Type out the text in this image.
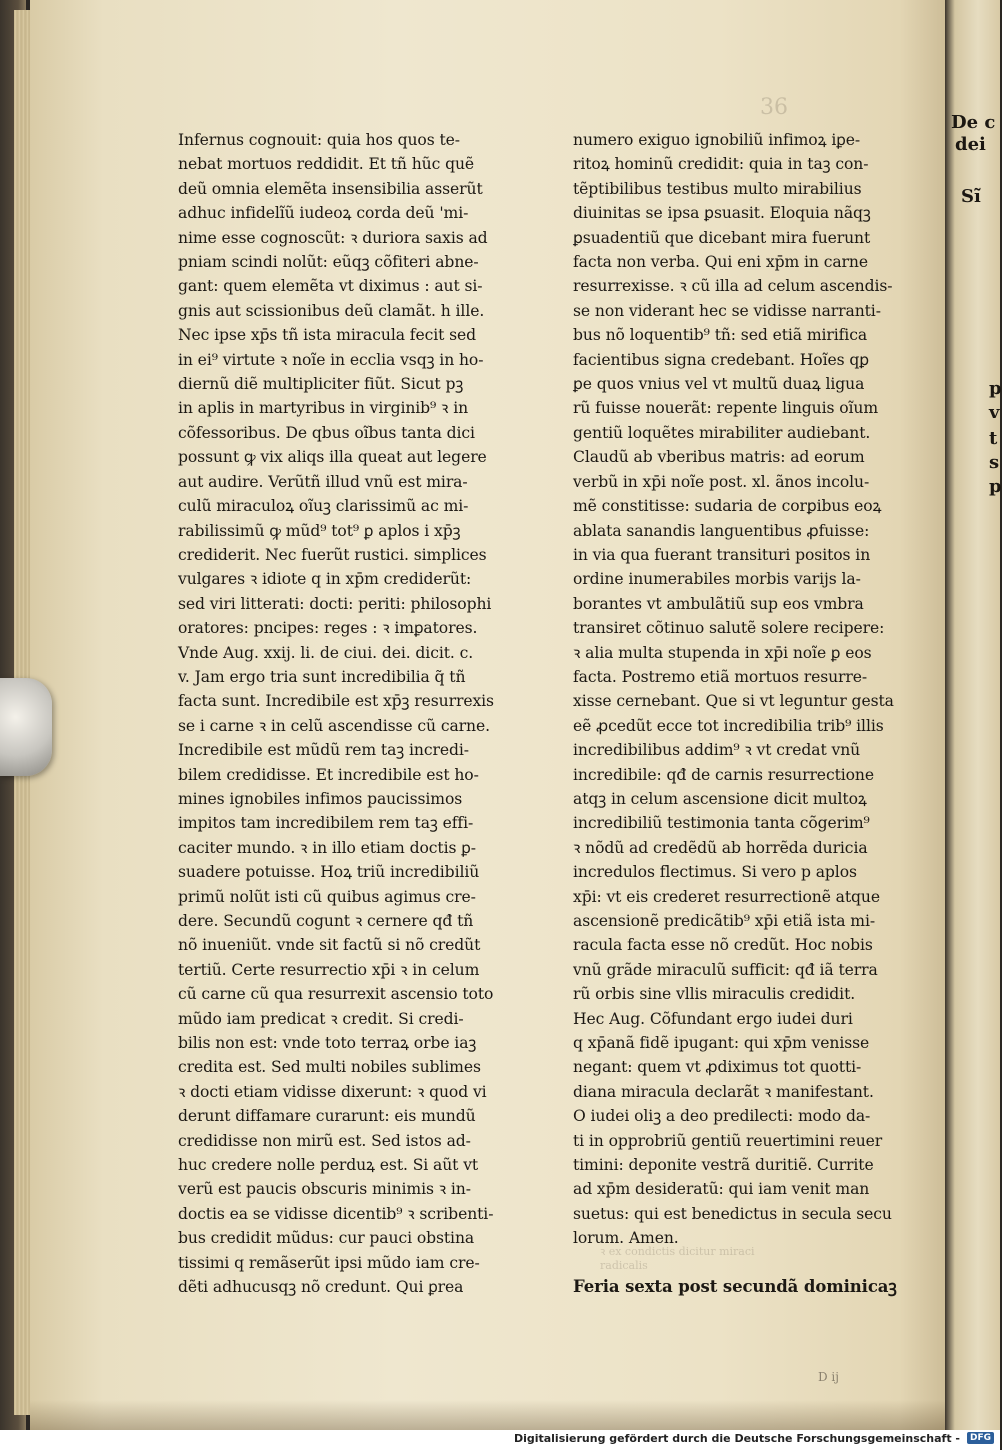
De c
dei
Sĩ
p
v
t
s
p
36
ꝛ ex condictis dicitur miraci
radicalis
Infernus cognouit: quia hos quos te-
nebat mortuos reddidit. Et tñ hũc quẽ
deũ omnia elemẽta insensibilia asserũt
adhuc infidelĩũ iudeoꝝ corda deũ 'mi-
nime esse cognoscũt: ꝛ duriora saxis ad
pniam scindi nolũt: eũqꝫ cõfiteri abne-
gant: quem elemẽta vt diximus : aut si-
gnis aut scissionibus deũ clamãt. h ille.
Nec ipse xp̄s tñ ista miracula fecit sed
in ei⁹ virtute ꝛ noĩe in ecclia vsqꝫ in ho-
diernũ diẽ multipliciter fiũt. Sicut pꝫ
in aplis in martyribus in virginib⁹ ꝛ in
cõfessoribus. De qbus oĩbus tanta dici
possunt ꝙ vix aliqs illa queat aut legere
aut audire. Verũtñ illud vnũ est mira-
culũ miraculoꝝ oĩuꝫ clarissimũ ac mi-
rabilissimũ ꝙ mũd⁹ tot⁹ ꝑ aplos i xp̄ꝫ
crediderit. Nec fuerũt rustici. simplices
vulgares ꝛ idiote q in xp̄m crediderũt:
sed viri litterati: docti: periti: philosophi
oratores: pncipes: reges : ꝛ imꝑatores.
Vnde Aug. xxij. li. de ciui. dei. dicit. c.
v. Jam ergo tria sunt incredibilia q̃ tñ
facta sunt. Incredibile est xp̄ꝫ resurrexis
se i carne ꝛ in celũ ascendisse cũ carne.
Incredibile est mũdũ rem taꝫ incredi-
bilem credidisse. Et incredibile est ho-
mines ignobiles infimos paucissimos
impitos tam incredibilem rem taꝫ effi-
caciter mundo. ꝛ in illo etiam doctis ꝑ-
suadere potuisse. Hoꝝ triũ incredibiliũ
primũ nolũt isti cũ quibus agimus cre-
dere. Secundũ cogunt ꝛ cernere qđ tñ
nõ inueniũt. vnde sit factũ si nõ credũt
tertiũ. Certe resurrectio xp̄i ꝛ in celum
cũ carne cũ qua resurrexit ascensio toto
mũdo iam predicat ꝛ credit. Si credi-
bilis non est: vnde toto terraꝝ orbe iaꝫ
credita est. Sed multi nobiles sublimes
ꝛ docti etiam vidisse dixerunt: ꝛ quod vi
derunt diffamare curarunt: eis mundũ
credidisse non mirũ est. Sed istos ad-
huc credere nolle perduꝝ est. Si aũt vt
verũ est paucis obscuris minimis ꝛ in-
doctis ea se vidisse dicentib⁹ ꝛ scribenti-
bus credidit mũdus: cur pauci obstina
tissimi q remãserũt ipsi mũdo iam cre-
dẽti adhucusqꝫ nõ credunt. Qui ꝑrea
numero exiguo ignobiliũ infimoꝝ iꝑe-
ritoꝝ hominũ credidit: quia in taꝫ con-
tẽptibilibus testibus multo mirabilius
diuinitas se ipsa ꝑsuasit. Eloquia nãqꝫ
ꝑsuadentiũ que dicebant mira fuerunt
facta non verba. Qui eni xp̄m in carne
resurrexisse. ꝛ cũ illa ad celum ascendis-
se non viderant hec se vidisse narranti-
bus nõ loquentib⁹ tñ: sed etiã mirifica
facientibus signa credebant. Hoĩes qꝑ
ꝑe quos vnius vel vt multũ duaꝝ ligua
rũ fuisse nouerãt: repente linguis oĩum
gentiũ loquẽtes mirabiliter audiebant.
Claudũ ab vberibus matris: ad eorum
verbũ in xp̄i noĩe post. xl. ãnos incolu-
mẽ constitisse: sudaria de corꝑibus eoꝝ
ablata sanandis languentibus ꝓfuisse:
in via qua fuerant transituri positos in
ordine inumerabiles morbis varijs la-
borantes vt ambulãtiũ sup eos vmbra
transiret cõtinuo salutẽ solere recipere:
ꝛ alia multa stupenda in xp̄i noĩe ꝑ eos
facta. Postremo etiã mortuos resurre-
xisse cernebant. Que si vt leguntur gesta
eẽ ꝓcedũt ecce tot incredibilia trib⁹ illis
incredibilibus addim⁹ ꝛ vt credat vnũ
incredibile: qđ de carnis resurrectione
atqꝫ in celum ascensione dicit multoꝝ
incredibiliũ testimonia tanta cõgerim⁹
ꝛ nõdũ ad credẽdũ ab horrẽda duricia
incredulos flectimus. Si vero p aplos
xp̄i: vt eis crederet resurrectionẽ atque
ascensionẽ predicãtib⁹ xp̄i etiã ista mi-
racula facta esse nõ credũt. Hoc nobis
vnũ grãde miraculũ sufficit: qđ iã terra
rũ orbis sine vllis miraculis credidit.
Hec Aug. Cõfundant ergo iudei duri
q xp̄anã fidẽ ipugant: qui xp̄m venisse
negant: quem vt ꝓdiximus tot quotti-
diana miracula declarãt ꝛ manifestant.
O iudei oliꝫ a deo predilecti: modo da-
ti in opprobriũ gentiũ reuertimini reuer
timini: deponite vestrã duritiẽ. Currite
ad xp̄m desideratũ: qui iam venit man
suetus: qui est benedictus in secula secu
lorum. Amen.
Feria sexta post secundã dominicaꝫ
D ij
Digitalisierung gefördert durch die Deutsche Forschungsgemeinschaft -	DFG
